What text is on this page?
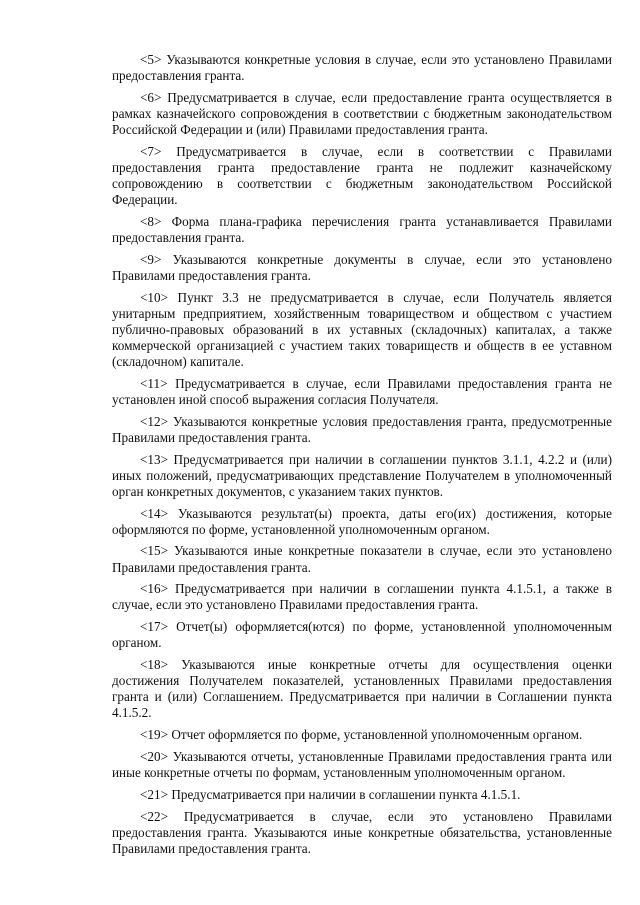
<5> Указываются конкретные условия в случае, если это установлено Правилами предоставления гранта.

<6> Предусматривается в случае, если предоставление гранта осуществляется в рамках казначейского сопровождения в соответствии с бюджетным законодательством Российской Федерации и (или) Правилами предоставления гранта.

<7> Предусматривается в случае, если в соответствии с Правилами предоставления гранта предоставление гранта не подлежит казначейскому сопровождению в соответствии с бюджетным законодательством Российской Федерации.

<8> Форма плана-графика перечисления гранта устанавливается Правилами предоставления гранта.

<9> Указываются конкретные документы в случае, если это установлено Правилами предоставления гранта.

<10> Пункт 3.3 не предусматривается в случае, если Получатель является унитарным предприятием, хозяйственным товариществом и обществом с участием публично-правовых образований в их уставных (складочных) капиталах, а также коммерческой организацией с участием таких товариществ и обществ в ее уставном (складочном) капитале.

<11> Предусматривается в случае, если Правилами предоставления гранта не установлен иной способ выражения согласия Получателя.

<12> Указываются конкретные условия предоставления гранта, предусмотренные Правилами предоставления гранта.

<13> Предусматривается при наличии в соглашении пунктов 3.1.1, 4.2.2 и (или) иных положений, предусматривающих представление Получателем в уполномоченный орган конкретных документов, с указанием таких пунктов.

<14> Указываются результат(ы) проекта, даты его(их) достижения, которые оформляются по форме, установленной уполномоченным органом.

<15> Указываются иные конкретные показатели в случае, если это установлено Правилами предоставления гранта.

<16> Предусматривается при наличии в соглашении пункта 4.1.5.1, а также в случае, если это установлено Правилами предоставления гранта.

<17> Отчет(ы) оформляется(ются) по форме, установленной уполномоченным органом.

<18> Указываются иные конкретные отчеты для осуществления оценки достижения Получателем показателей, установленных Правилами предоставления гранта и (или) Соглашением. Предусматривается при наличии в Соглашении пункта 4.1.5.2.

<19> Отчет оформляется по форме, установленной уполномоченным органом.

<20> Указываются отчеты, установленные Правилами предоставления гранта или иные конкретные отчеты по формам, установленным уполномоченным органом.

<21> Предусматривается при наличии в соглашении пункта 4.1.5.1.

<22> Предусматривается в случае, если это установлено Правилами предоставления гранта. Указываются иные конкретные обязательства, установленные Правилами предоставления гранта.
